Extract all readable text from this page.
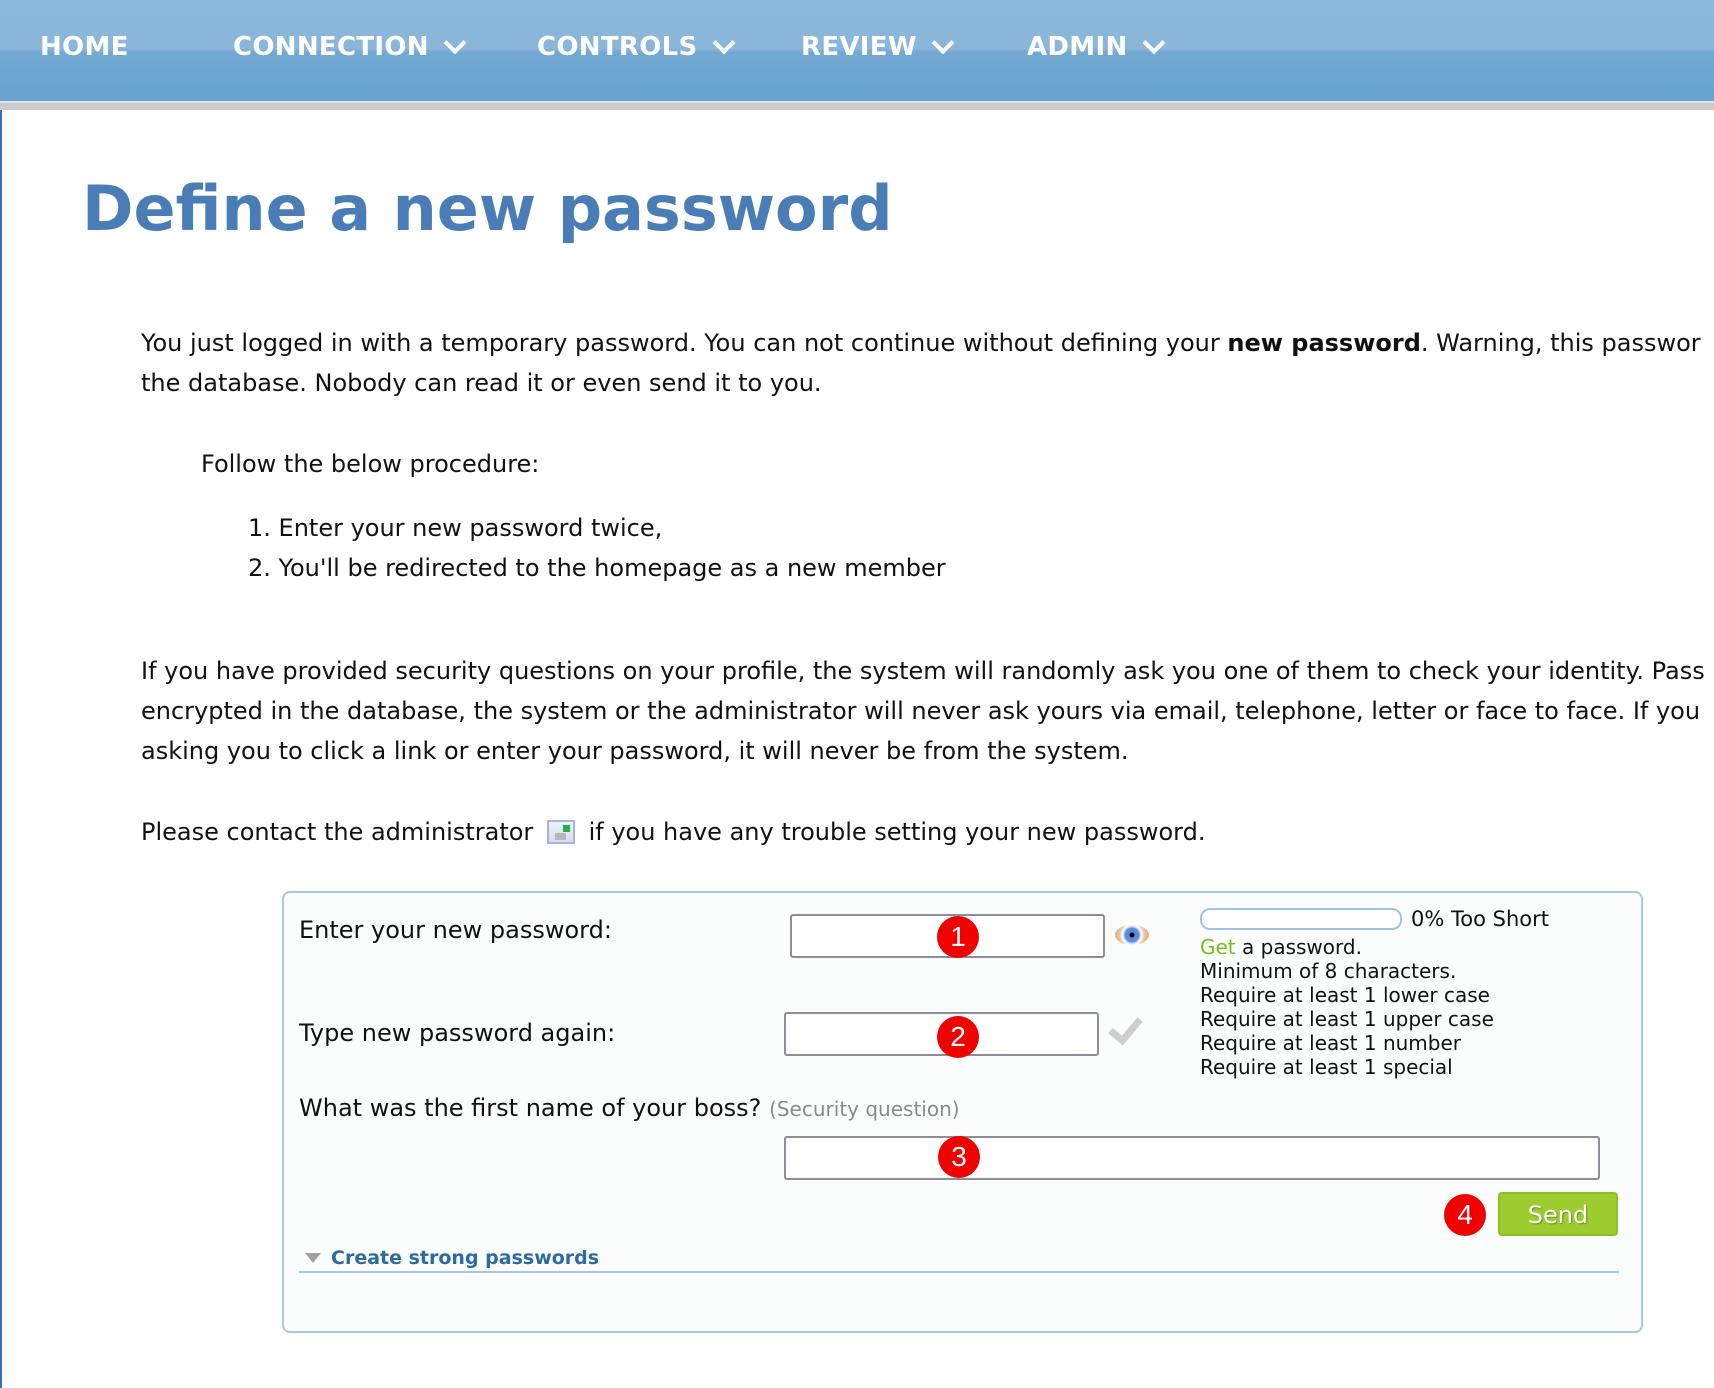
HOME	CONNECTION	CONTROLS	REVIEW	ADMIN
Define a new password
You just logged in with a temporary password. You can not continue without defining your new password. Warning, this passwor
the database. Nobody can read it or even send it to you.
Follow the below procedure:
1. Enter your new password twice,
2. You'll be redirected to the homepage as a new member
If you have provided security questions on your profile, the system will randomly ask you one of them to check your identity. Pass
encrypted in the database, the system or the administrator will never ask yours via email, telephone, letter or face to face. If you
asking you to click a link or enter your password, it will never be from the system.
Please contact the administrator if you have any trouble setting your new password.
Enter your new password:
Type new password again:
0% Too Short
Get a password.
Minimum of 8 characters.
Require at least 1 lower case
Require at least 1 upper case
Require at least 1 number
Require at least 1 special
What was the first name of your boss? (Security question)
Send
Create strong passwords
1
2
3
4
